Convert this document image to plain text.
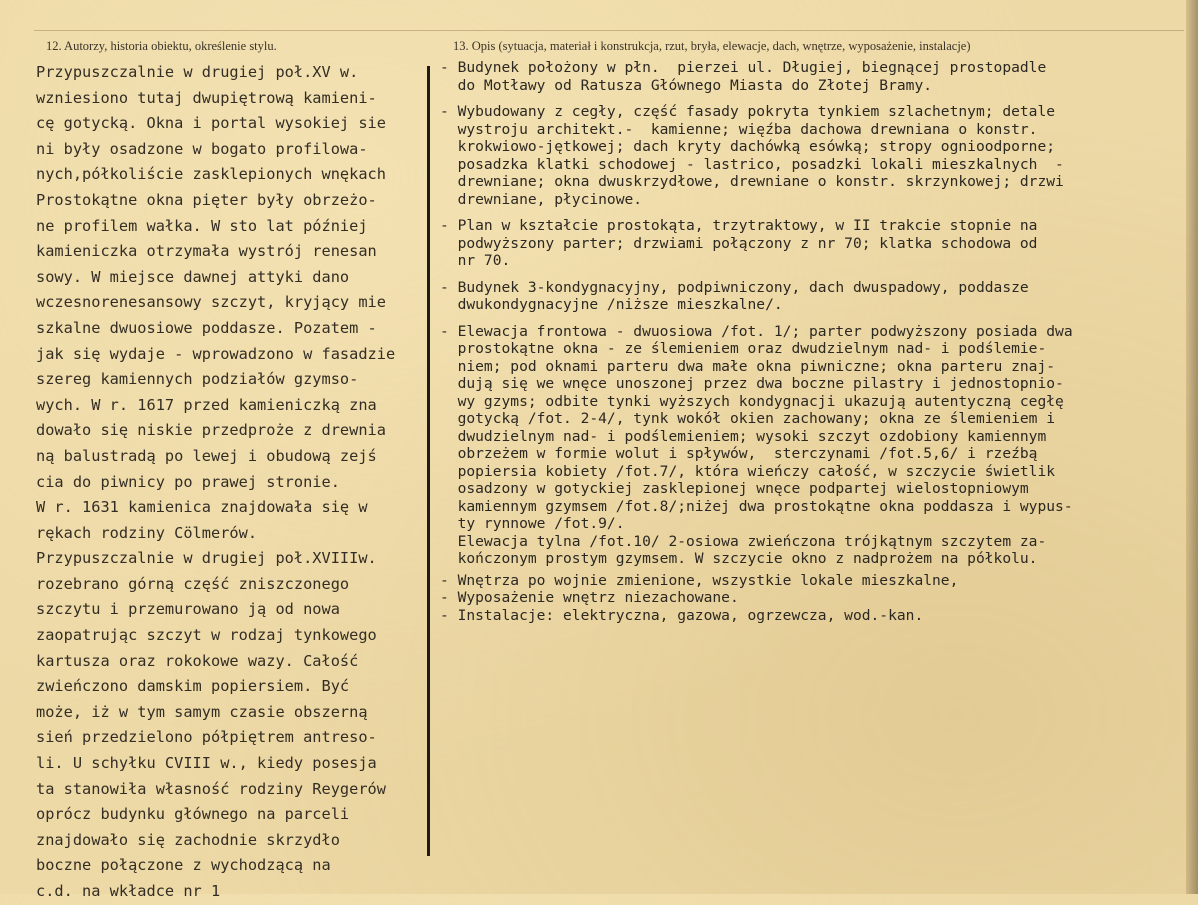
12. Autorzy, historia obiektu, określenie stylu.	13. Opis (sytuacja, materiał i konstrukcja, rzut, bryła, elewacje, dach, wnętrze, wyposażenie, instalacje)
Przypuszczalnie w drugiej poł.XV w.
wzniesiono tutaj dwupiętrową kamieni-
cę gotycką. Okna i portal wysokiej sie
ni były osadzone w bogato profilowa-
nych,półkoliście zasklepionych wnękach
Prostokątne okna pięter były obrzeżo-
ne profilem wałka. W sto lat później
kamieniczka otrzymała wystrój renesan
sowy. W miejsce dawnej attyki dano
wczesnorenesansowy szczyt, kryjący mie
szkalne dwuosiowe poddasze. Pozatem -
jak się wydaje - wprowadzono w fasadzie
szereg kamiennych podziałów gzymso-
wych. W r. 1617 przed kamieniczką zna
dowało się niskie przedproże z drewnia
ną balustradą po lewej i obudową zejś
cia do piwnicy po prawej stronie.
W r. 1631 kamienica znajdowała się w
rękach rodziny Cölmerów.
Przypuszczalnie w drugiej poł.XVIIIw.
rozebrano górną część zniszczonego
szczytu i przemurowano ją od nowa
zaopatrując szczyt w rodzaj tynkowego
kartusza oraz rokokowe wazy. Całość
zwieńczono damskim popiersiem. Być
może, iż w tym samym czasie obszerną
sień przedzielono półpiętrem antreso-
li. U schyłku CVIII w., kiedy posesja
ta stanowiła własność rodziny Reygerów
oprócz budynku głównego na parceli
znajdowało się zachodnie skrzydło
boczne połączone z wychodzącą na
c.d. na wkładce nr 1
- Budynek położony w płn.  pierzei ul. Długiej, biegnącej prostopadle
do Motławy od Ratusza Głównego Miasta do Złotej Bramy.
- Wybudowany z cegły, część fasady pokryta tynkiem szlachetnym; detale
wystroju architekt.-  kamienne; więźba dachowa drewniana o konstr.
krokwiowo-jętkowej; dach kryty dachówką esówką; stropy ognioodporne;
posadzka klatki schodowej - lastrico, posadzki lokali mieszkalnych  -
drewniane; okna dwuskrzydłowe, drewniane o konstr. skrzynkowej; drzwi
drewniane, płycinowe.
- Plan w kształcie prostokąta, trzytraktowy, w II trakcie stopnie na
podwyższony parter; drzwiami połączony z nr 70; klatka schodowa od
nr 70.
- Budynek 3-kondygnacyjny, podpiwniczony, dach dwuspadowy, poddasze
dwukondygnacyjne /niższe mieszkalne/.
- Elewacja frontowa - dwuosiowa /fot. 1/; parter podwyższony posiada dwa
prostokątne okna - ze ślemieniem oraz dwudzielnym nad- i podślemie-
niem; pod oknami parteru dwa małe okna piwniczne; okna parteru znaj-
dują się we wnęce unoszonej przez dwa boczne pilastry i jednostopnio-
wy gzyms; odbite tynki wyższych kondygnacji ukazują autentyczną cegłę
gotycką /fot. 2-4/, tynk wokół okien zachowany; okna ze ślemieniem i
dwudzielnym nad- i podślemieniem; wysoki szczyt ozdobiony kamiennym
obrzeżem w formie wolut i spływów,  sterczynami /fot.5,6/ i rzeźbą
popiersia kobiety /fot.7/, która wieńczy całość, w szczycie świetlik
osadzony w gotyckiej zasklepionej wnęce podpartej wielostopniowym
kamiennym gzymsem /fot.8/;niżej dwa prostokątne okna poddasza i wypus-
ty rynnowe /fot.9/.
Elewacja tylna /fot.10/ 2-osiowa zwieńczona trójkątnym szczytem za-
kończonym prostym gzymsem. W szczycie okno z nadprożem na półkolu.
- Wnętrza po wojnie zmienione, wszystkie lokale mieszkalne,
- Wyposażenie wnętrz niezachowane.
- Instalacje: elektryczna, gazowa, ogrzewcza, wod.-kan.
